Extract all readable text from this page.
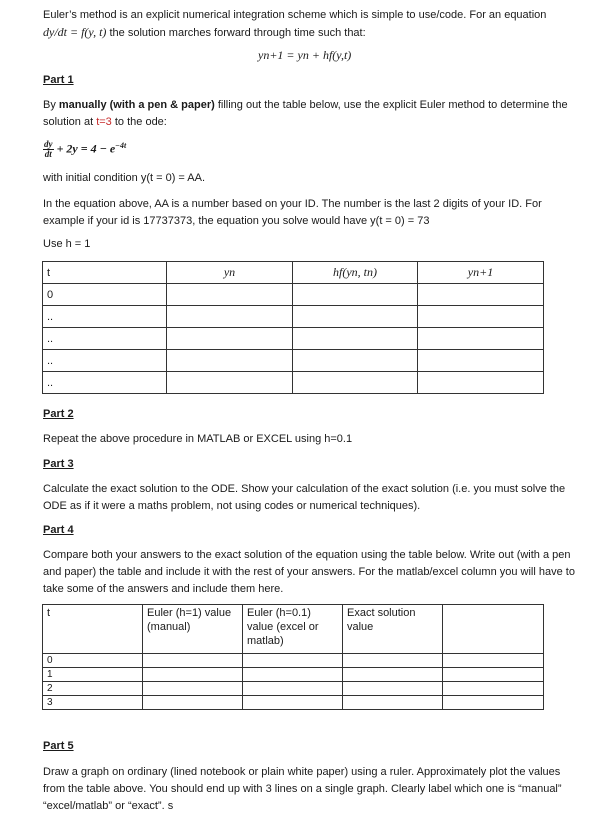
Euler’s method is an explicit numerical integration scheme which is simple to use/code. For an equation
dy/dt = f(y, t) the solution marches forward through time such that:

yn+1 = yn + hf(y,t)
Part 1

By manually (with a pen & paper) filling out the table below, use the explicit Euler method to determine the solution at t=3 to the ode:

$\frac{dy}{dt} + 2y = 4 - e^{-4t}$
with initial condition y(t = 0) = AA.
In the equation above, AA is a number based on your ID. The number is the last 2 digits of your ID. For example if your id is 17737373, the equation you solve would have y(t = 0) = 73
Use h = 1
t	yn	hf(yn, tn)	yn+1
0			
..			
..			
..			
..			
Part 2
Repeat the above procedure in MATLAB or EXCEL using h=0.1
Part 3
Calculate the exact solution to the ODE. Show your calculation of the exact solution (i.e. you must solve the ODE as if it were a maths problem, not using codes or numerical techniques).
Part 4
Compare both your answers to the exact solution of the equation using the table below. Write out (with a pen and paper) the table and include it with the rest of your answers. For the matlab/excel column you will have to take some of the answers and include them here.
t	Euler (h=1) value (manual)	Euler (h=0.1) value (excel or matlab)	Exact solution value	
0				
1				
2				
3				
Part 5
Draw a graph on ordinary (lined notebook or plain white paper) using a ruler. Approximately plot the values from the table above. You should end up with 3 lines on a single graph. Clearly label which one is “manual” “excel/matlab” or “exact”. s
